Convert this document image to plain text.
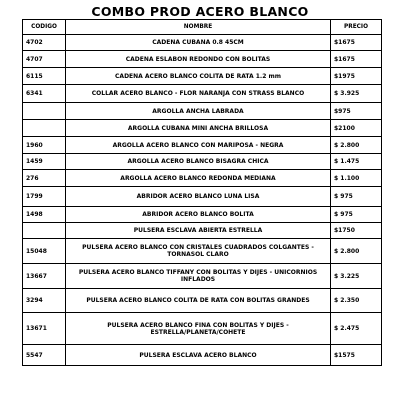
COMBO PROD ACERO BLANCO
CODIGO	NOMBRE	PRECIO
4702	CADENA CUBANA 0.8 45CM	$1675
4707	CADENA ESLABON REDONDO CON BOLITAS	$1675
6115	CADENA ACERO BLANCO COLITA DE RATA 1.2 mm	$1975
6341	COLLAR ACERO BLANCO - FLOR NARANJA CON STRASS BLANCO	$ 3.925
	ARGOLLA ANCHA LABRADA	$975
	ARGOLLA CUBANA MINI ANCHA BRILLOSA	$2100
1960	ARGOLLA ACERO BLANCO CON MARIPOSA - NEGRA	$ 2.800
1459	ARGOLLA ACERO BLANCO BISAGRA CHICA	$ 1.475
276	ARGOLLA ACERO BLANCO REDONDA MEDIANA	$ 1.100
1799	ABRIDOR ACERO BLANCO LUNA LISA	$ 975
1498	ABRIDOR ACERO BLANCO BOLITA	$ 975
	PULSERA ESCLAVA ABIERTA ESTRELLA	$1750
15048	PULSERA ACERO BLANCO CON CRISTALES CUADRADOS COLGANTES - TORNASOL CLARO	$ 2.800
13667	PULSERA ACERO BLANCO TIFFANY CON BOLITAS Y DIJES - UNICORNIOS INFLADOS	$ 3.225
3294	PULSERA ACERO BLANCO COLITA DE RATA CON BOLITAS GRANDES	$ 2.350
13671	PULSERA ACERO BLANCO FINA CON BOLITAS Y DIJES - ESTRELLA/PLANETA/COHETE	$ 2.475
5547	PULSERA ESCLAVA ACERO BLANCO	$1575
